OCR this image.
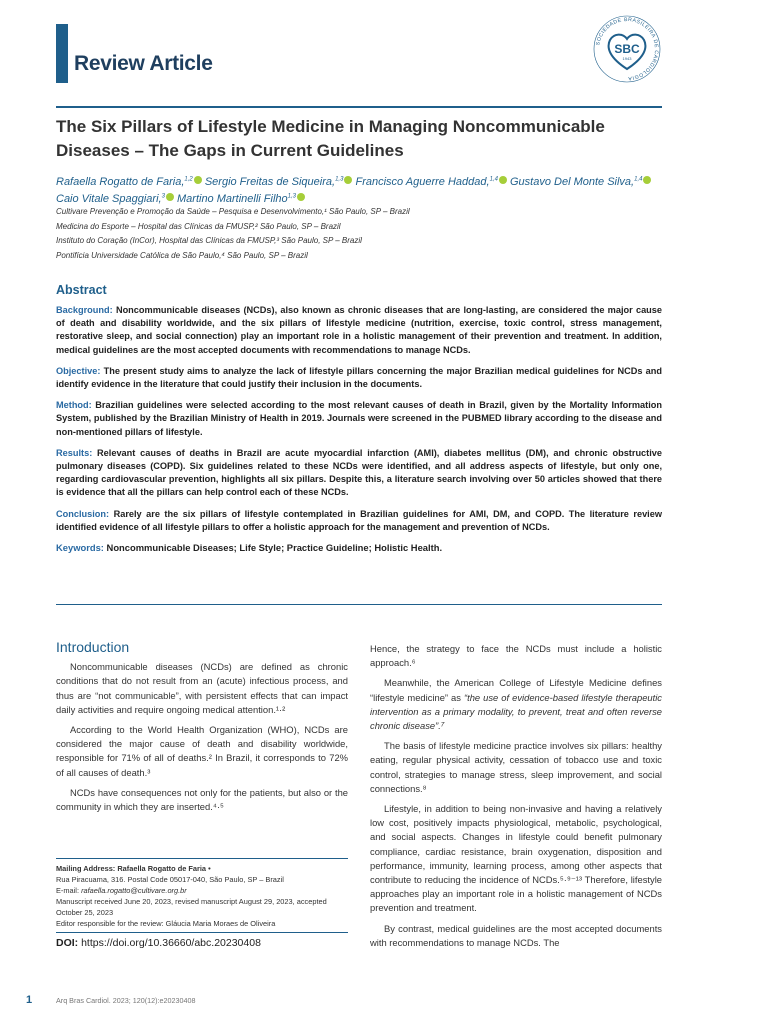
Review Article
SOCIEDADE BRASILEIRA DE CARDIOLOGIA
SBC
1943
The Six Pillars of Lifestyle Medicine in Managing Noncommunicable Diseases – The Gaps in Current Guidelines
Rafaella Rogatto de Faria,$^{1,2}$ Sergio Freitas de Siqueira,$^{1,3}$ Francisco Aguerre Haddad,$^{1,4}$ Gustavo Del Monte Silva,$^{1,4}$ Caio Vitale Spaggiari,$^3$ Martino Martinelli Filho$^{1,3}$
Cultivare Prevenção e Promoção da Saúde – Pesquisa e Desenvolvimento,¹ São Paulo, SP – Brazil
Medicina do Esporte – Hospital das Clínicas da FMUSP,² São Paulo, SP – Brazil
Instituto do Coração (InCor), Hospital das Clínicas da FMUSP,³ São Paulo, SP – Brazil
Pontifícia Universidade Católica de São Paulo,⁴ São Paulo, SP – Brazil
Abstract

Background: Noncommunicable diseases (NCDs), also known as chronic diseases that are long-lasting, are considered the major cause of death and disability worldwide, and the six pillars of lifestyle medicine (nutrition, exercise, toxic control, stress management, restorative sleep, and social connection) play an important role in a holistic management of their prevention and treatment. In addition, medical guidelines are the most accepted documents with recommendations to manage NCDs.

Objective: The present study aims to analyze the lack of lifestyle pillars concerning the major Brazilian medical guidelines for NCDs and identify evidence in the literature that could justify their inclusion in the documents.

Method: Brazilian guidelines were selected according to the most relevant causes of death in Brazil, given by the Mortality Information System, published by the Brazilian Ministry of Health in 2019. Journals were screened in the PUBMED library according to the disease and non-mentioned pillars of lifestyle.

Results: Relevant causes of deaths in Brazil are acute myocardial infarction (AMI), diabetes mellitus (DM), and chronic obstructive pulmonary diseases (COPD). Six guidelines related to these NCDs were identified, and all address aspects of lifestyle, but only one, regarding cardiovascular prevention, highlights all six pillars. Despite this, a literature search involving over 50 articles showed that there is evidence that all the pillars can help control each of these NCDs.

Conclusion: Rarely are the six pillars of lifestyle contemplated in Brazilian guidelines for AMI, DM, and COPD. The literature review identified evidence of all lifestyle pillars to offer a holistic approach for the management and prevention of NCDs.

Keywords: Noncommunicable Diseases; Life Style; Practice Guideline; Holistic Health.

Introduction

Noncommunicable diseases (NCDs) are defined as chronic conditions that do not result from an (acute) infectious process, and thus are “not communicable”, with persistent effects that can impact daily activities and require ongoing medical attention.¹·²

According to the World Health Organization (WHO), NCDs are considered the major cause of death and disability worldwide, responsible for 71% of all of deaths.² In Brazil, it corresponds to 72% of all causes of death.³

NCDs have consequences not only for the patients, but also or the community in which they are inserted.⁴·⁵

Hence, the strategy to face the NCDs must include a holistic approach.⁶

Meanwhile, the American College of Lifestyle Medicine defines “lifestyle medicine” as “the use of evidence-based lifestyle therapeutic intervention as a primary modality, to prevent, treat and often reverse chronic disease”.⁷

The basis of lifestyle medicine practice involves six pillars: healthy eating, regular physical activity, cessation of tobacco use and toxic control, strategies to manage stress, sleep improvement, and social connections.⁸

Lifestyle, in addition to being non-invasive and having a relatively low cost, positively impacts physiological, metabolic, psychological, and social aspects. Changes in lifestyle could benefit pulmonary compliance, cardiac resistance, brain oxygenation, disposition and performance, immunity, learning process, among other aspects that contribute to reducing the incidence of NCDs.⁵·⁹⁻¹³ Therefore, lifestyle approaches play an important role in a holistic management of NCDs prevention and treatment.

By contrast, medical guidelines are the most accepted documents with recommendations to manage NCDs. The

Mailing Address: Rafaella Rogatto de Faria •
Rua Piracuama, 316. Postal Code 05017-040, São Paulo, SP – Brazil
E-mail: rafaella.rogatto@cultivare.org.br
Manuscript received June 20, 2023, revised manuscript August 29, 2023, accepted October 25, 2023
Editor responsible for the review: Gláucia Maria Moraes de Oliveira
DOI: https://doi.org/10.36660/abc.20230408
1	Arq Bras Cardiol. 2023; 120(12):e20230408
